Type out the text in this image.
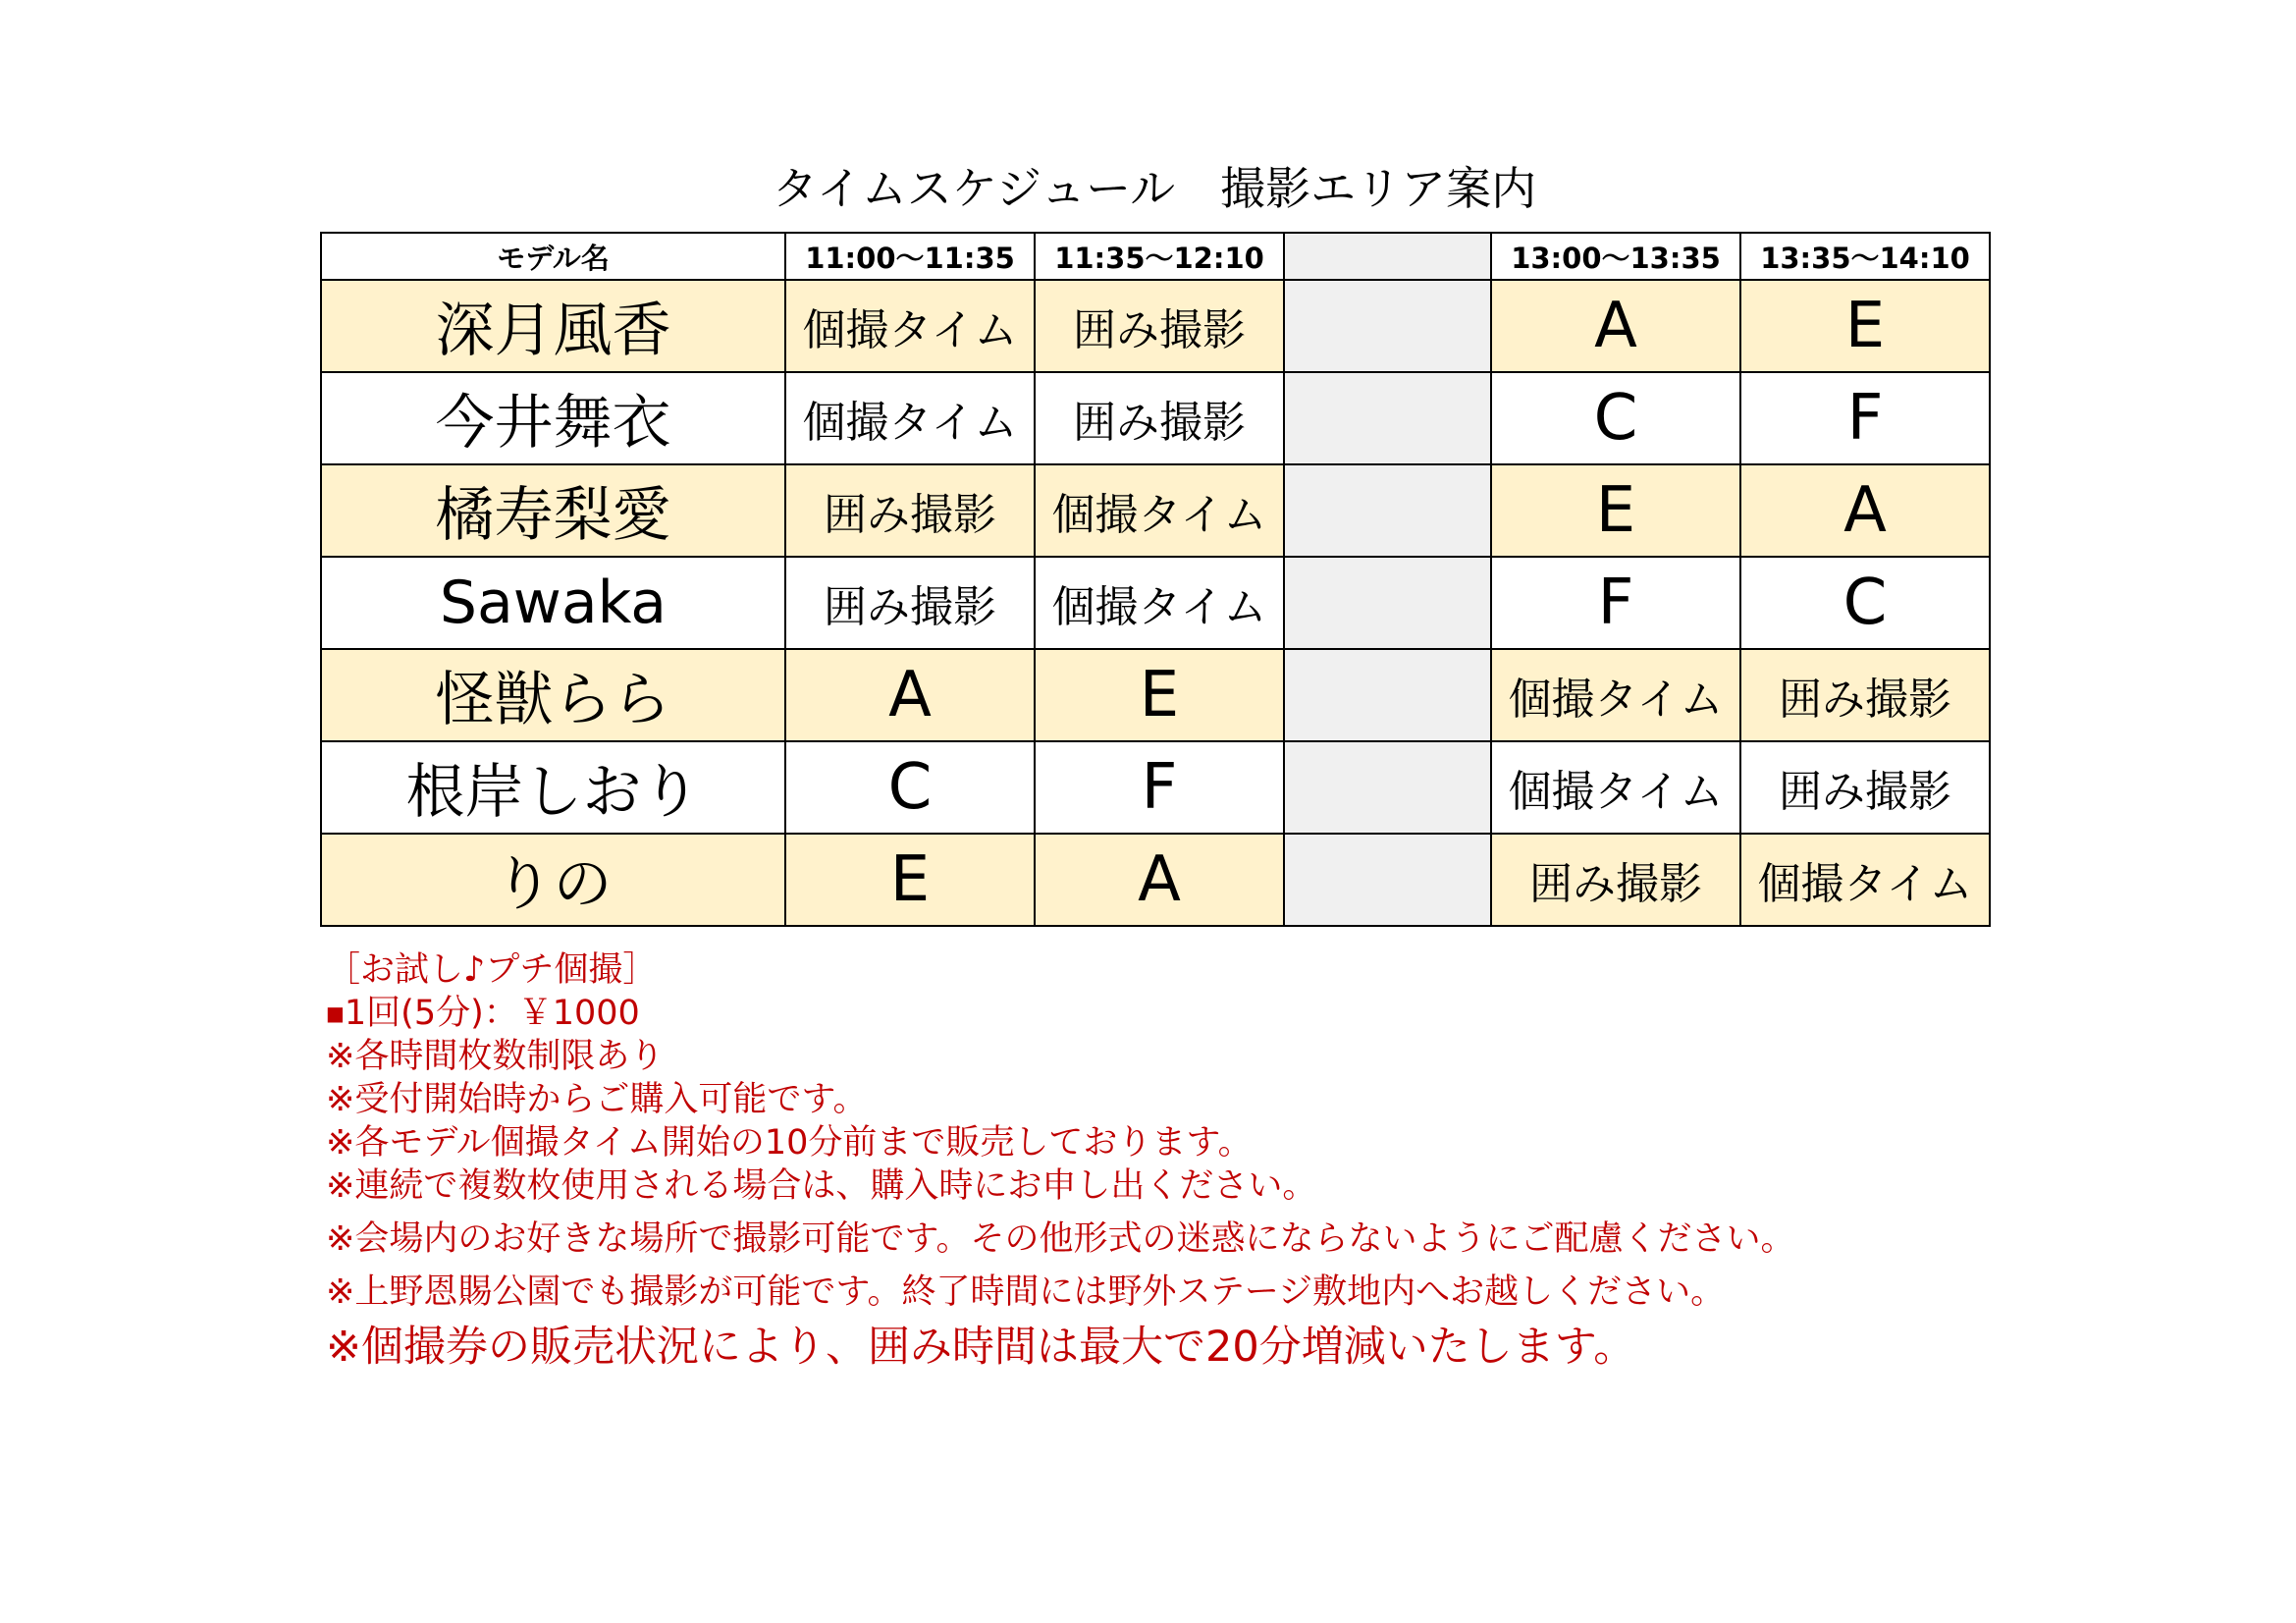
タイムスケジュール　撮影エリア案内
モデル名	11:00〜11:35	11:35〜12:10		13:00〜13:35	13:35〜14:10
深月風香	個撮タイム	囲み撮影		A	E
今井舞衣	個撮タイム	囲み撮影		C	F
橘寿梨愛	囲み撮影	個撮タイム		E	A
Sawaka	囲み撮影	個撮タイム		F	C
怪獣らら	A	E		個撮タイム	囲み撮影
根岸しおり	C	F		個撮タイム	囲み撮影
りの	E	A		囲み撮影	個撮タイム
［お試し♪プチ個撮］
■1回(5分)：￥1000
※各時間枚数制限あり
※受付開始時からご購入可能です。
※各モデル個撮タイム開始の10分前まで販売しております。
※連続で複数枚使用される場合は、購入時にお申し出ください。
※会場内のお好きな場所で撮影可能です。その他形式の迷惑にならないようにご配慮ください。
※上野恩賜公園でも撮影が可能です。終了時間には野外ステージ敷地内へお越しください。
※個撮券の販売状況により、囲み時間は最大で20分増減いたします。
